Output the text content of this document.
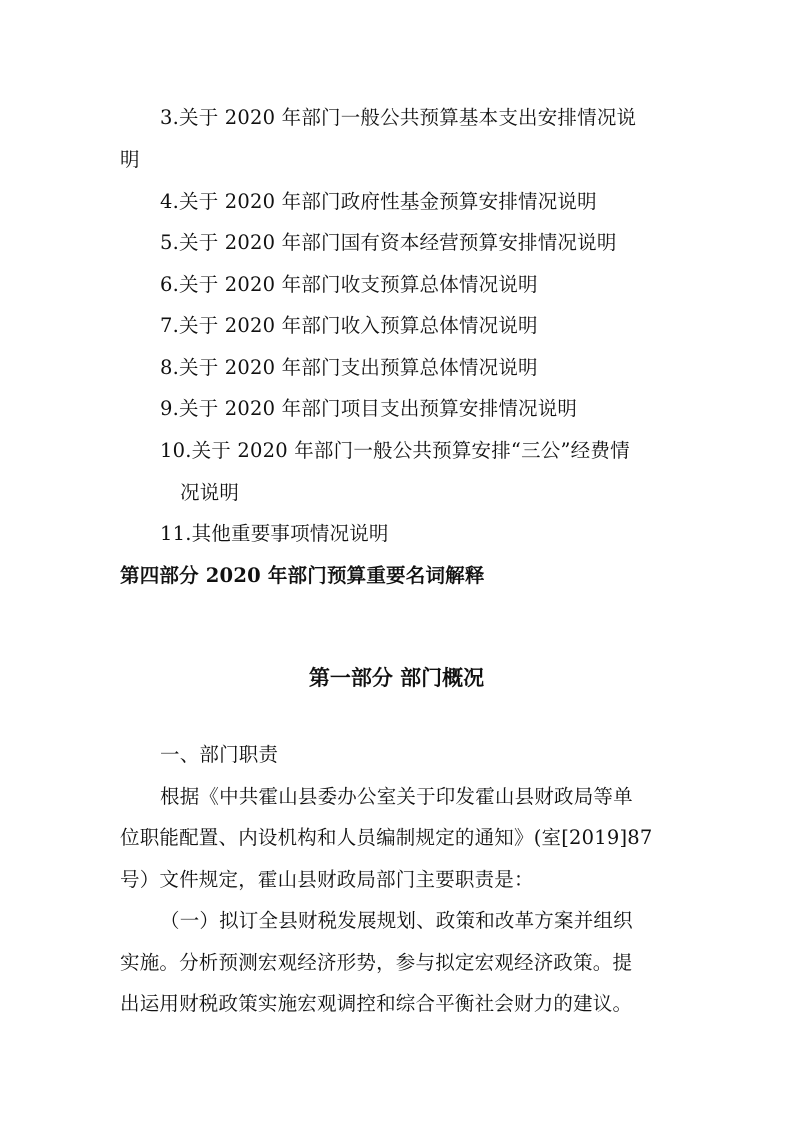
3.关于 2020 年部门一般公共预算基本支出安排情况说
明
4.关于 2020 年部门政府性基金预算安排情况说明
5.关于 2020 年部门国有资本经营预算安排情况说明
6.关于 2020 年部门收支预算总体情况说明
7.关于 2020 年部门收入预算总体情况说明
8.关于 2020 年部门支出预算总体情况说明
9.关于 2020 年部门项目支出预算安排情况说明
10.关于 2020 年部门一般公共预算安排“三公”经费情
况说明
11.其他重要事项情况说明
第四部分 2020 年部门预算重要名词解释
第一部分 部门概况
一、部门职责
根据《中共霍山县委办公室关于印发霍山县财政局等单
位职能配置、内设机构和人员编制规定的通知》(室[2019]87
号）文件规定，霍山县财政局部门主要职责是：
（一）拟订全县财税发展规划、政策和改革方案并组织
实施。分析预测宏观经济形势，参与拟定宏观经济政策。提
出运用财税政策实施宏观调控和综合平衡社会财力的建议。
